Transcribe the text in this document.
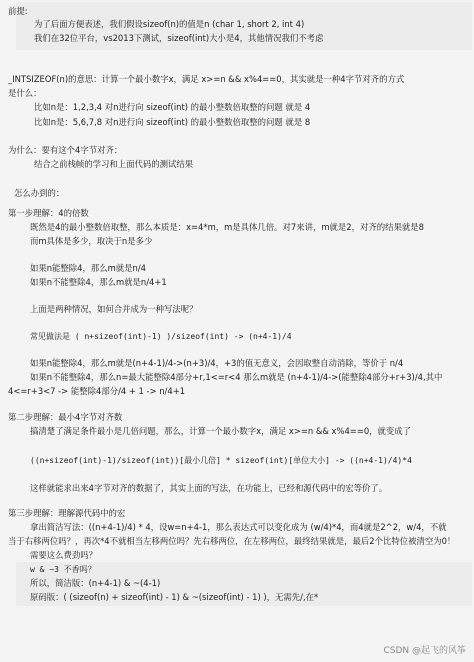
前提:
为了后面方便表述，我们假设sizeof(n)的值是n (char 1, short 2, int 4)
我们在32位平台，vs2013下测试，sizeof(int)大小是4，其他情况我们不考虑
_INTSIZEOF(n)的意思：计算一个最小数字x，满足 x>=n && x%4==0，其实就是一种4字节对齐的方式
是什么：
比如n是：1,2,3,4 对n进行向 sizeof(int) 的最小整数倍取整的问题 就是 4
比如n是：5,6,7,8 对n进行向 sizeof(int) 的最小整数倍取整的问题 就是 8
为什么：要有这个4字节对齐：
结合之前栈帧的学习和上面代码的测试结果
怎么办到的：
第一步理解：4的倍数
既然是4的最小整数倍取整，那么本质是：x=4*m，m是具体几倍。对7来讲，m就是2，对齐的结果就是8
而m具体是多少，取决于n是多少
如果n能整除4，那么m就是n/4
如果n不能整除4，那么m就是n/4+1
上面是两种情况，如何合并成为一种写法呢？
常见做法是 ( n+sizeof(int)-1) )/sizeof(int) -> (n+4-1)/4
如果n能整除4，那么m就是(n+4-1)/4->(n+3)/4，+3的值无意义，会因取整自动消除，等价于 n/4
如果n不能整除4，那么n=最大能整除4部分+r,1<=r<4 那么m就是 (n+4-1)/4->(能整除4部分+r+3)/4,其中
4<=r+3<7 -> 能整除4部分/4 + 1 -> n/4+1
第二步理解：最小4字节对齐数
搞清楚了满足条件最小是几倍问题，那么，计算一个最小数字x，满足 x>=n && x%4==0，就变成了
((n+sizeof(int)-1)/sizeof(int))[最小几倍] * sizeof(int)[单位大小] -> ((n+4-1)/4)*4
这样就能求出来4字节对齐的数据了，其实上面的写法，在功能上，已经和源代码中的宏等价了。
第三步理解：理解源代码中的宏
拿出简洁写法：((n+4-1)/4) * 4，设w=n+4-1，那么表达式可以变化成为 (w/4)*4，而4就是2^2，w/4，不就
当于右移两位吗？，再次*4不就相当左移两位吗？先右移两位，在左移两位，最终结果就是，最后2个比特位被清空为0！
需要这么费劲吗？
w & ~3 不香吗？
所以，简洁版：(n+4-1) & ~(4-1)
原码版：( (sizeof(n) + sizeof(int) - 1) & ~(sizeof(int) - 1) )，无需先/,在*
CSDN @起飞的风筝
